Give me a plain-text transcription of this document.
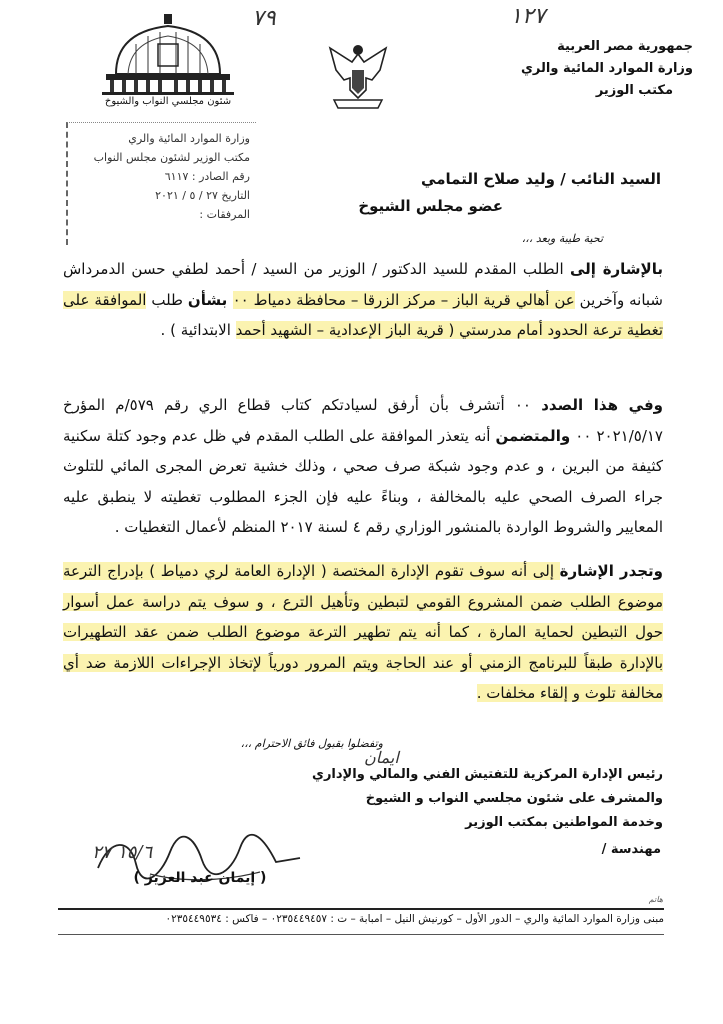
١٢٧
٧٩
جمهورية مصر العربية
وزارة الموارد المائية والري
مكتب الوزير
شئون مجلسي النواب والشيوخ
وزارة الموارد المائية والري
مكتب الوزير لشئون مجلس النواب
رقم الصادر : ٦١١٧
التاريخ ٢٧ / ٥ / ٢٠٢١
المرفقات :
السيد النائب / وليد صلاح التمامي
عضو مجلس الشيوخ
تحية طيبة وبعد ،،،
بالإشارة إلى الطلب المقدم للسيد الدكتور / الوزير من السيد / أحمد لطفي حسن الدمرداش شبانه وآخرين عن أهالي قرية الباز – مركز الزرقا – محافظة دمياط ٠٠ بشأن طلب الموافقة على تغطية ترعة الحدود أمام مدرستي ( قرية الباز الإعدادية – الشهيد أحمد الابتدائية ) .
وفي هذا الصدد ٠٠ أتشرف بأن أرفق لسيادتكم كتاب قطاع الري رقم ٥٧٩/م المؤرخ ٢٠٢١/٥/١٧ ٠٠ والمتضمن أنه يتعذر الموافقة على الطلب المقدم في ظل عدم وجود كتلة سكنية كثيفة من البرين ، و عدم وجود شبكة صرف صحي ، وذلك خشية تعرض المجرى المائي للتلوث جراء الصرف الصحي عليه بالمخالفة ، وبناءً عليه فإن الجزء المطلوب تغطيته لا ينطبق عليه المعايير والشروط الواردة بالمنشور الوزاري رقم ٤ لسنة ٢٠١٧ المنظم لأعمال التغطيات .
وتجدر الإشارة إلى أنه سوف تقوم الإدارة المختصة ( الإدارة العامة لري دمياط ) بإدراج الترعة موضوع الطلب ضمن المشروع القومي لتبطين وتأهيل الترع ، و سوف يتم دراسة عمل أسوار حول التبطين لحماية المارة ، كما أنه يتم تطهير الترعة موضوع الطلب ضمن عقد التطهيرات بالإدارة طبقاً للبرنامج الزمني أو عند الحاجة ويتم المرور دورياً لإتخاذ الإجراءات اللازمة ضد أي مخالفة تلوث و إلقاء مخلفات .
وتفضلوا بقبول فائق الاحترام ،،،
ايمان
رئيس الإدارة المركزية للتفتيش الفني والمالي والإداري
والمشرف على شئون مجلسي النواب و الشيوخ
وخدمة المواطنين بمكتب الوزير
مهندسة /
١٥/٦ ٢٧
( إيمان عبد العزيز )
هاتم
مبنى وزارة الموارد المائية والري – الدور الأول – كورنيش النيل – امبابة – ت : ٠٢٣٥٤٤٩٤٥٧ – فاكس : ٠٢٣٥٤٤٩٥٣٤
